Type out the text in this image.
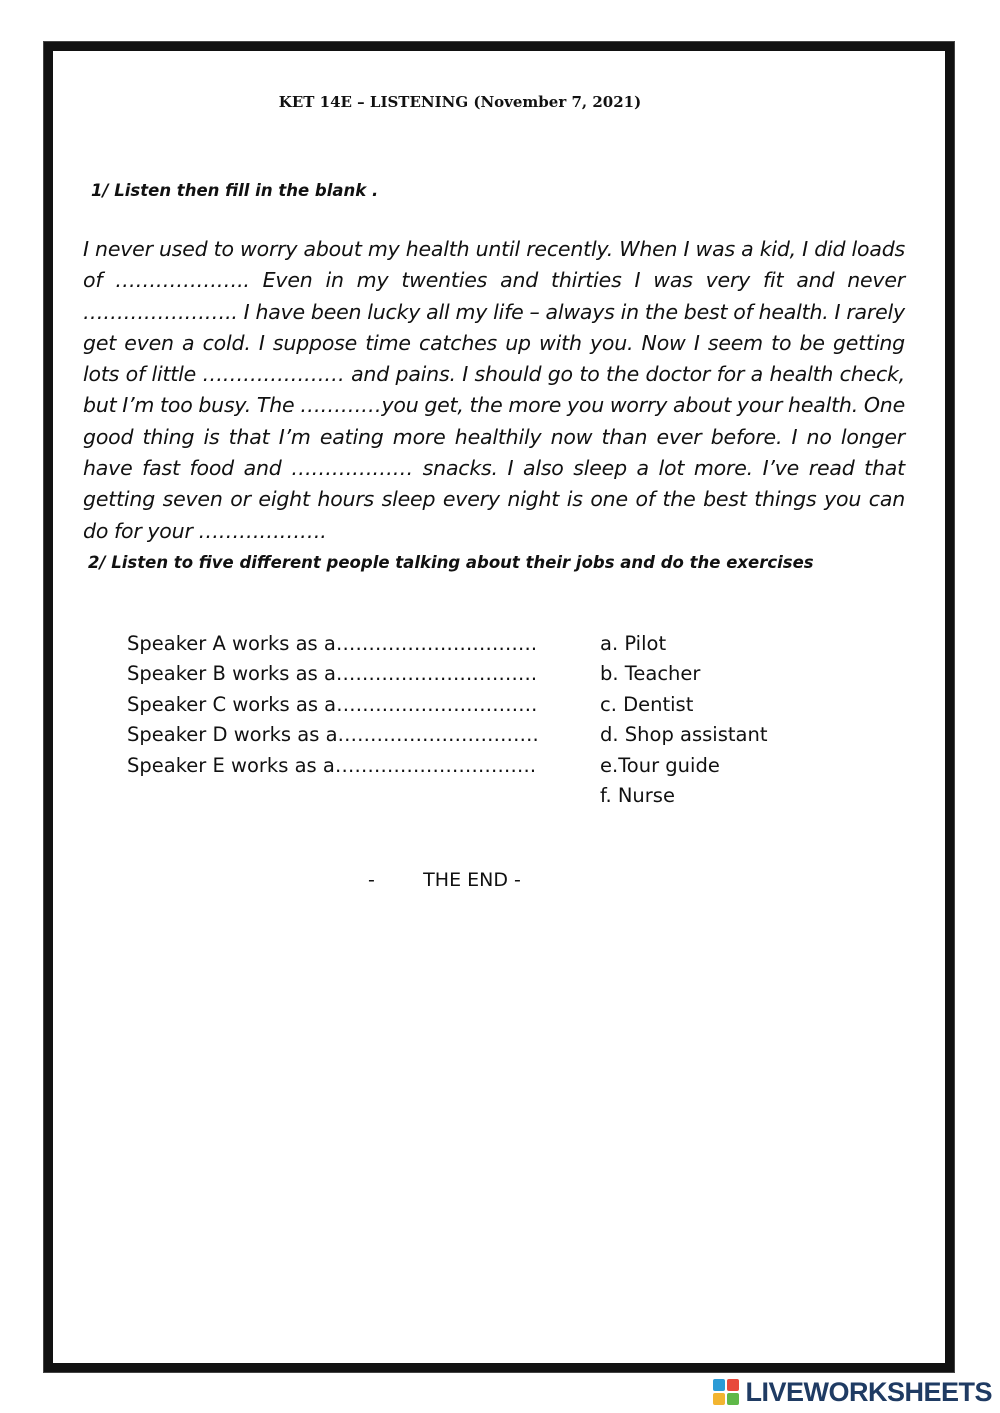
KET 14E – LISTENING (November 7, 2021)
1/ Listen then fill in the blank .

I never used to worry about my health until recently. When I was a kid, I did loads of ……………….. Even in my twenties and thirties I was very fit and never ………………….. I have been lucky all my life – always in the best of health. I rarely get even a cold. I suppose time catches up with you. Now I seem to be getting lots of little ………………… and pains. I should go to the doctor for a health check, but I’m too busy. The …………you get, the more you worry about your health. One good thing is that I’m eating more healthily now than ever before. I no longer have fast food and ……………… snacks. I also sleep a lot more. I’ve read that getting seven or eight hours sleep every night is one of the best things you can do for your ……………….

2/ Listen to five different people talking about their jobs and do the exercises
Speaker A works as a………………………….
Speaker B works as a………………………….
Speaker C works as a………………………….
Speaker D works as a………………………….
Speaker E works as a………………………….
a. Pilot
b. Teacher
c. Dentist
d. Shop assistant
e.Tour guide
f. Nurse
-        THE END -
LIVEWORKSHEETS
